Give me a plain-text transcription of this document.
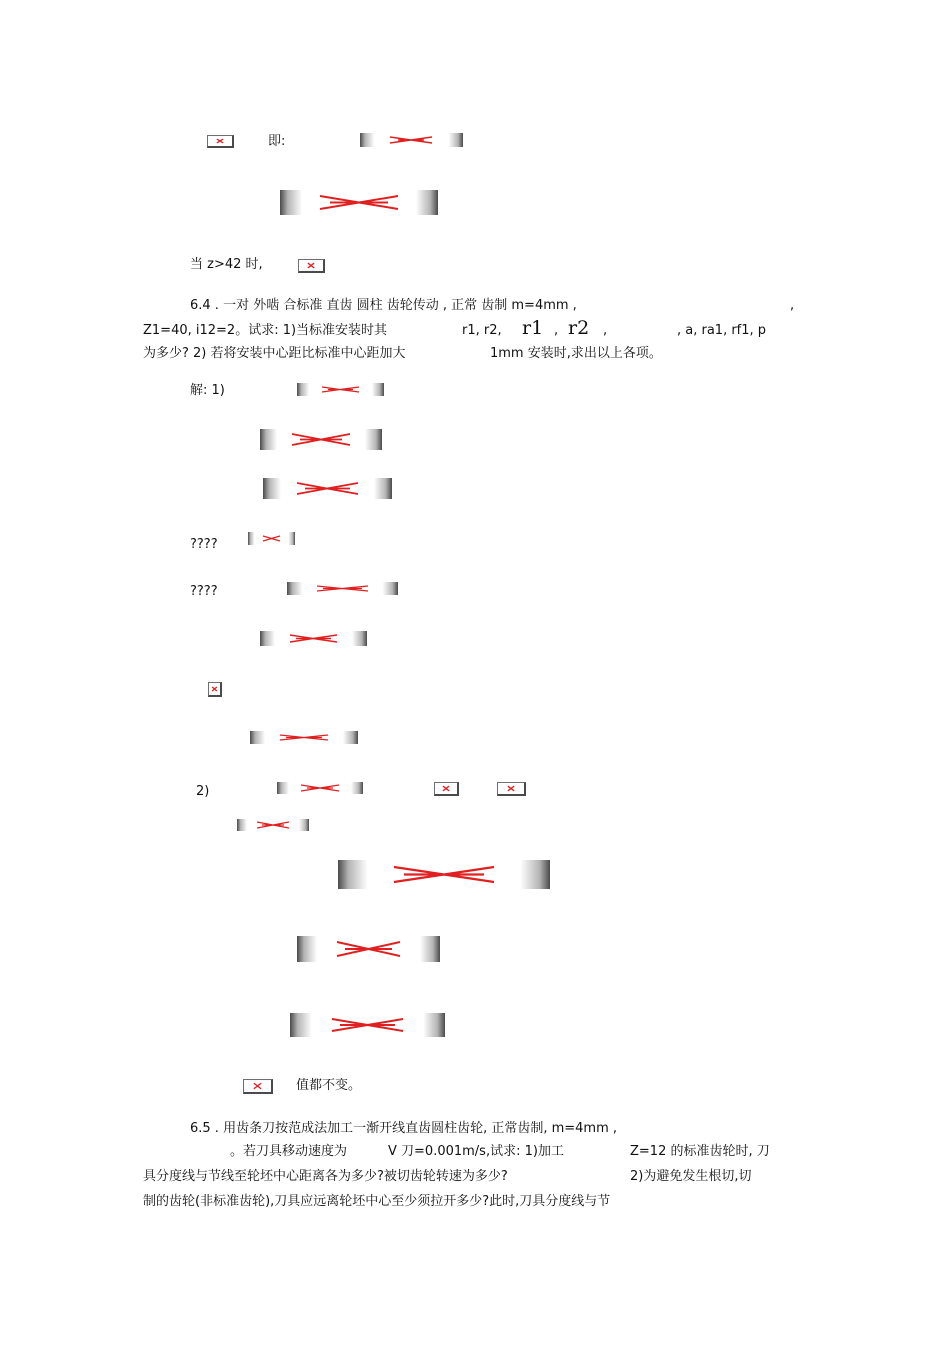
即:
当 z>42 时,
6.4 . 一对 外啮 合标准 直齿 圆柱 齿轮传动 , 正常 齿制 m=4mm ,	,
Z1=40, i12=2。试求: 1)当标准安装时其	r1, r2, r1 , r2 ,	, a, ra1, rf1, p
为多少? 2) 若将安装中心距比标准中心距加大	1mm 安装时,求出以上各项。
解: 1)
????
????
2)
值都不变。
6.5 . 用齿条刀按范成法加工一渐开线直齿圆柱齿轮, 正常齿制, m=4mm ,
。若刀具移动速度为	V 刀=0.001m/s,试求: 1)加工	Z=12 的标准齿轮时, 刀
具分度线与节线至轮坯中心距离各为多少?被切齿轮转速为多少?	2)为避免发生根切,切
制的齿轮(非标准齿轮),刀具应远离轮坯中心至少须拉开多少?此时,刀具分度线与节
